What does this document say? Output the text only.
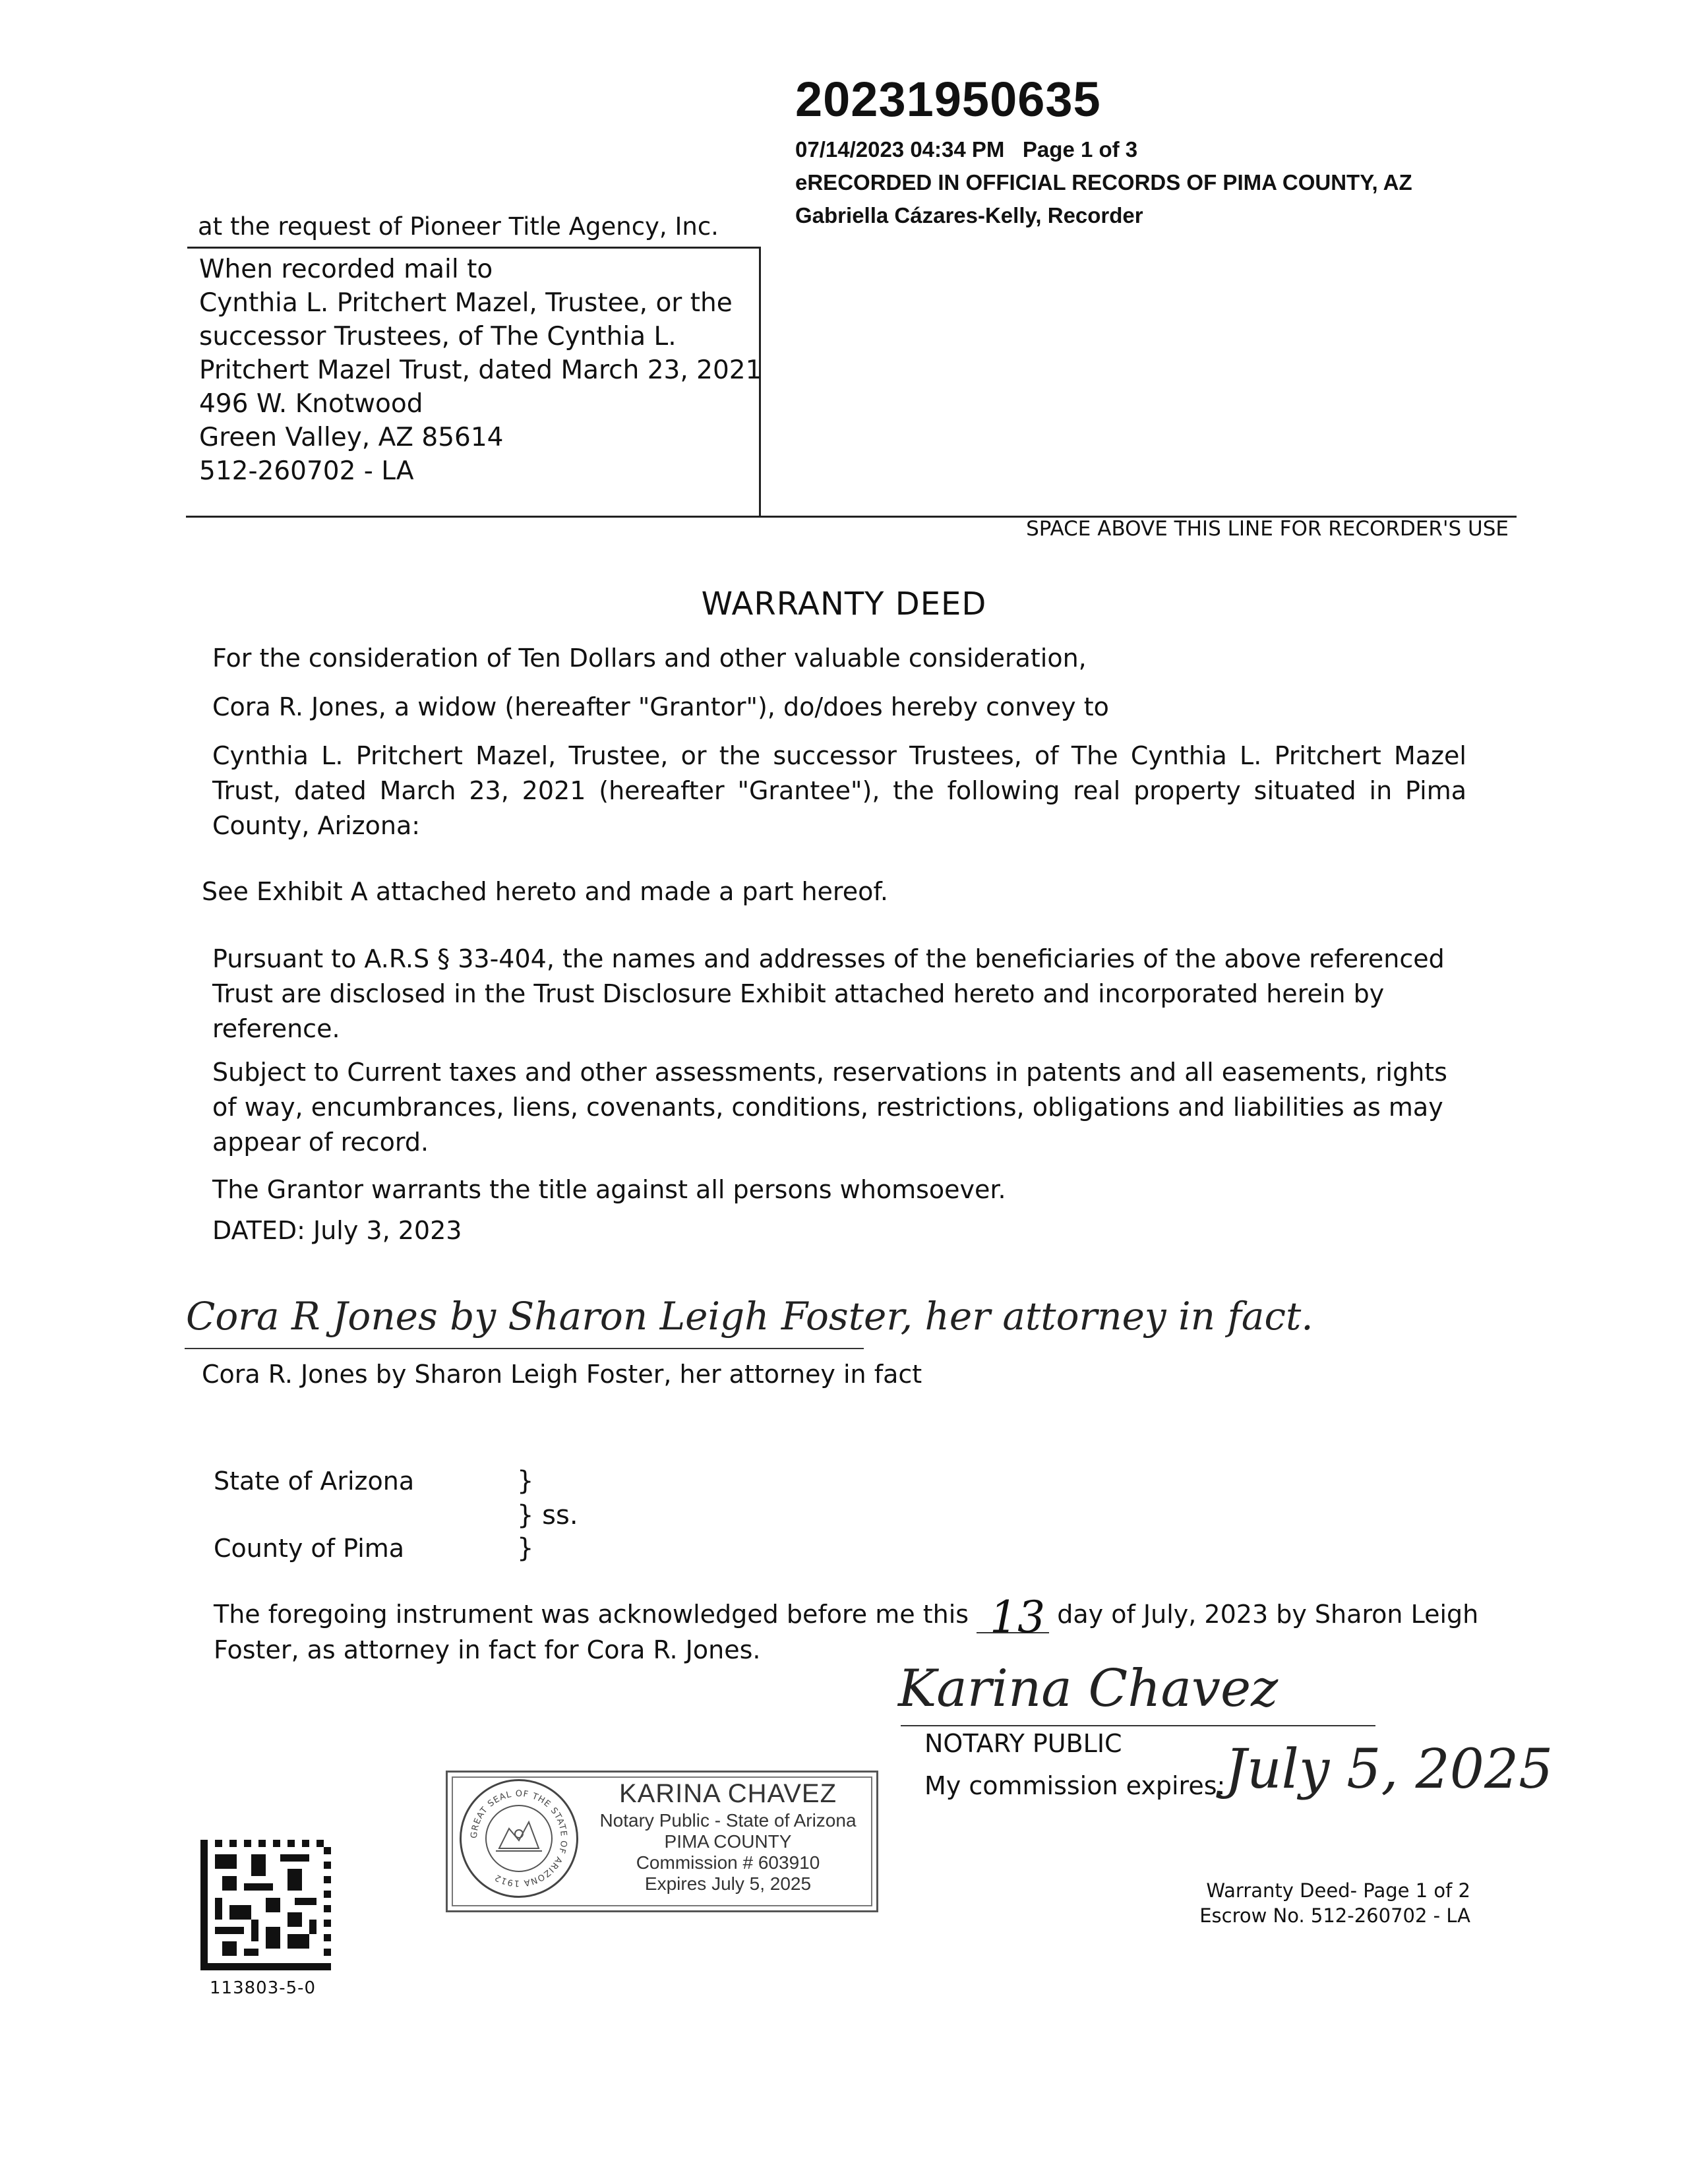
20231950635
07/14/2023 04:34 PM Page 1 of 3
eRECORDED IN OFFICIAL RECORDS OF PIMA COUNTY, AZ
Gabriella Cázares-Kelly, Recorder
at the request of Pioneer Title Agency, Inc.
When recorded mail to
Cynthia L. Pritchert Mazel, Trustee, or the
successor Trustees, of The Cynthia L.
Pritchert Mazel Trust, dated March 23, 2021
496 W. Knotwood
Green Valley, AZ 85614
512-260702 - LA
SPACE ABOVE THIS LINE FOR RECORDER'S USE
WARRANTY DEED
For the consideration of Ten Dollars and other valuable consideration,
Cora R. Jones, a widow (hereafter "Grantor"), do/does hereby convey to
Cynthia L. Pritchert Mazel, Trustee, or the successor Trustees, of The Cynthia L. Pritchert Mazel Trust, dated March 23, 2021 (hereafter "Grantee"), the following real property situated in Pima County, Arizona:
See Exhibit A attached hereto and made a part hereof.
Pursuant to A.R.S § 33-404, the names and addresses of the beneficiaries of the above referenced Trust are disclosed in the Trust Disclosure Exhibit attached hereto and incorporated herein by reference.
Subject to Current taxes and other assessments, reservations in patents and all easements, rights of way, encumbrances, liens, covenants, conditions, restrictions, obligations and liabilities as may appear of record.
The Grantor warrants the title against all persons whomsoever.
DATED: July 3, 2023
Cora R Jones by Sharon Leigh Foster, her attorney in fact.
Cora R. Jones by Sharon Leigh Foster, her attorney in fact
State of Arizona
County of Pima
}
} ss.
}
The foregoing instrument was acknowledged before me this 13 day of July, 2023 by Sharon Leigh
Foster, as attorney in fact for Cora R. Jones.
Karina Chavez
NOTARY PUBLIC
My commission expires: July 5, 2025
GREAT SEAL OF THE STATE OF ARIZONA 1912
KARINA CHAVEZ
Notary Public - State of Arizona
PIMA COUNTY
Commission # 603910
Expires July 5, 2025
113803-5-0
Warranty Deed- Page 1 of 2
Escrow No. 512-260702 - LA
